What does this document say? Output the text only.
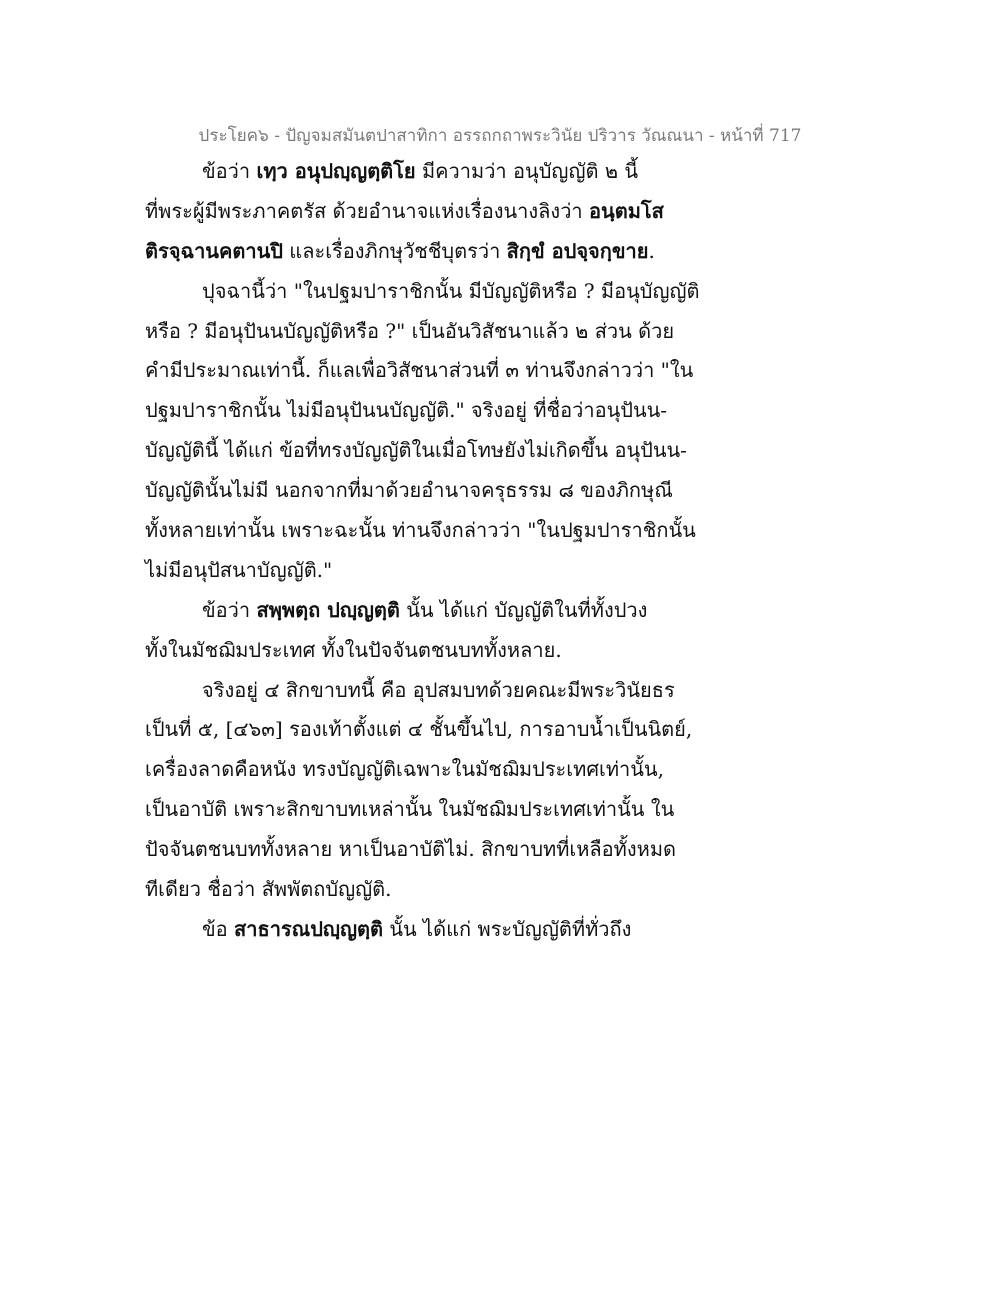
ประโยค๖ - ปัญจมสมันตปาสาทิกา อรรถกถาพระวินัย ปริวาร วัณณนา - หน้าที่ 717
ข้อว่า เทฺว อนุปญฺญตฺติโย มีความว่า อนุบัญญัติ ๒ นี้
ที่พระผู้มีพระภาคตรัส ด้วยอำนาจแห่งเรื่องนางลิงว่า อนฺตมโส
ติรจฺฉานคตานปิ และเรื่องภิกษุวัชชีบุตรว่า สิกฺขํ อปจฺจกฺขาย.
ปุจฉานี้ว่า "ในปฐมปาราชิกนั้น มีบัญญัติหรือ ? มีอนุบัญญัติ
หรือ ? มีอนุปันนบัญญัติหรือ ?" เป็นอันวิสัชนาแล้ว ๒ ส่วน ด้วย
คำมีประมาณเท่านี้. ก็แลเพื่อวิสัชนาส่วนที่ ๓ ท่านจึงกล่าวว่า "ใน
ปฐมปาราชิกนั้น ไม่มีอนุปันนบัญญัติ." จริงอยู่ ที่ชื่อว่าอนุปันน-
บัญญัตินี้ ได้แก่ ข้อที่ทรงบัญญัติในเมื่อโทษยังไม่เกิดขึ้น อนุปันน-
บัญญัตินั้นไม่มี นอกจากที่มาด้วยอำนาจครุธรรม ๘ ของภิกษุณี
ทั้งหลายเท่านั้น เพราะฉะนั้น ท่านจึงกล่าวว่า "ในปฐมปาราชิกนั้น
ไม่มีอนุปัสนาบัญญัติ."
ข้อว่า สพฺพตฺถ ปญฺญตฺติ นั้น ได้แก่ บัญญัติในที่ทั้งปวง
ทั้งในมัชฌิมประเทศ ทั้งในปัจจันตชนบททั้งหลาย.
จริงอยู่ ๔ สิกขาบทนี้ คือ อุปสมบทด้วยคณะมีพระวินัยธร
เป็นที่ ๕, [๔๖๓] รองเท้าตั้งแต่ ๔ ชั้นขึ้นไป, การอาบน้ำเป็นนิตย์,
เครื่องลาดคือหนัง ทรงบัญญัติเฉพาะในมัชฌิมประเทศเท่านั้น,
เป็นอาบัติ เพราะสิกขาบทเหล่านั้น ในมัชฌิมประเทศเท่านั้น ใน
ปัจจันตชนบททั้งหลาย หาเป็นอาบัติไม่. สิกขาบทที่เหลือทั้งหมด
ทีเดียว ชื่อว่า สัพพัตถบัญญัติ.
ข้อ สาธารณปญฺญตฺติ นั้น ได้แก่ พระบัญญัติที่ทั่วถึง
